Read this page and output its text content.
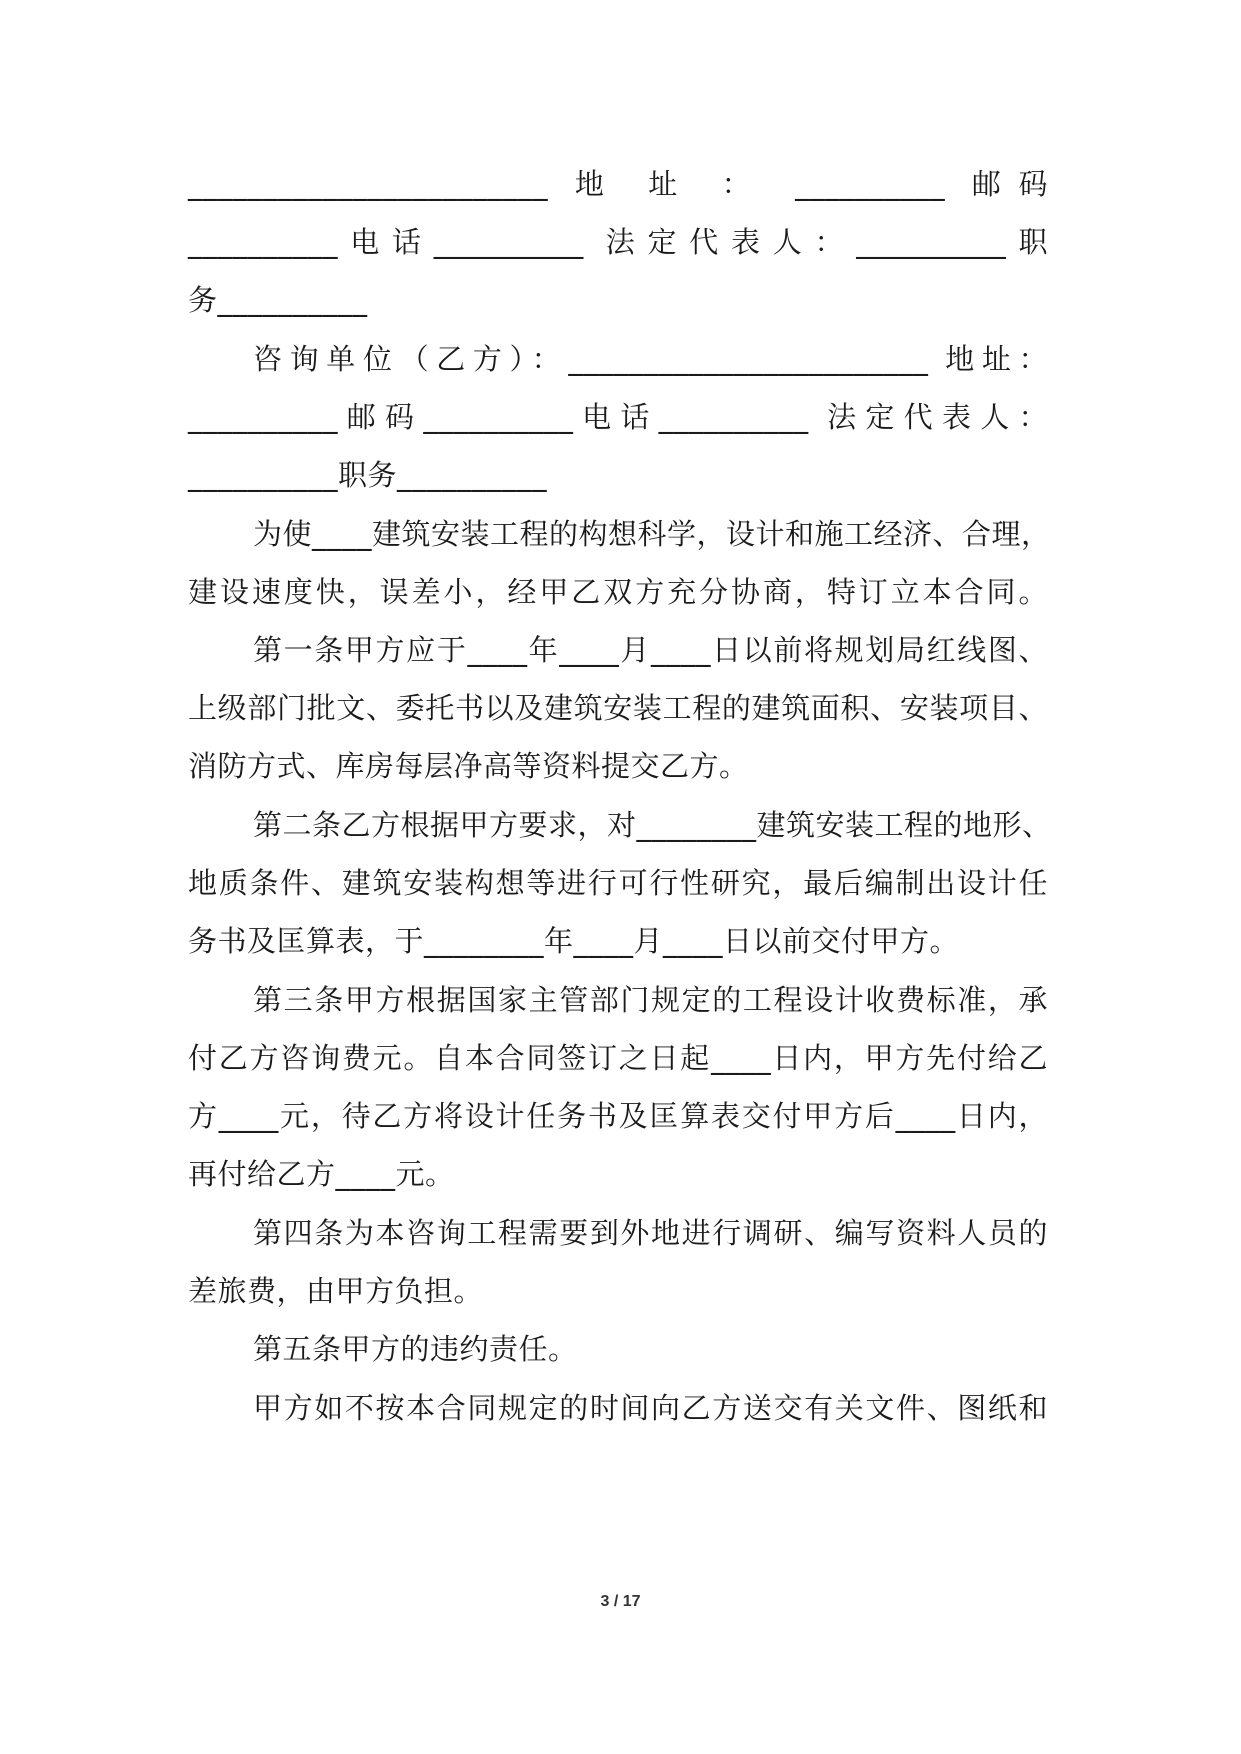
________________________ 地 址 ： __________ 邮码
__________电话__________ 法定代表人：__________职
务__________
咨询单位（乙方）：________________________ 地址：
__________邮码__________电话__________ 法定代表人：
__________职务__________
为使____建筑安装工程的构想科学，设计和施工经济、合理，
建设速度快，误差小，经甲乙双方充分协商，特订立本合同。
第一条甲方应于____年____月____日以前将规划局红线图、
上级部门批文、委托书以及建筑安装工程的建筑面积、安装项目、
消防方式、库房每层净高等资料提交乙方。
第二条乙方根据甲方要求，对________建筑安装工程的地形、
地质条件、建筑安装构想等进行可行性研究，最后编制出设计任
务书及匡算表，于________年____月____日以前交付甲方。
第三条甲方根据国家主管部门规定的工程设计收费标准，承
付乙方咨询费元。自本合同签订之日起____日内，甲方先付给乙
方____元，待乙方将设计任务书及匡算表交付甲方后____日内，
再付给乙方____元。
第四条为本咨询工程需要到外地进行调研、编写资料人员的
差旅费，由甲方负担。
第五条甲方的违约责任。
甲方如不按本合同规定的时间向乙方送交有关文件、图纸和
3 / 17
